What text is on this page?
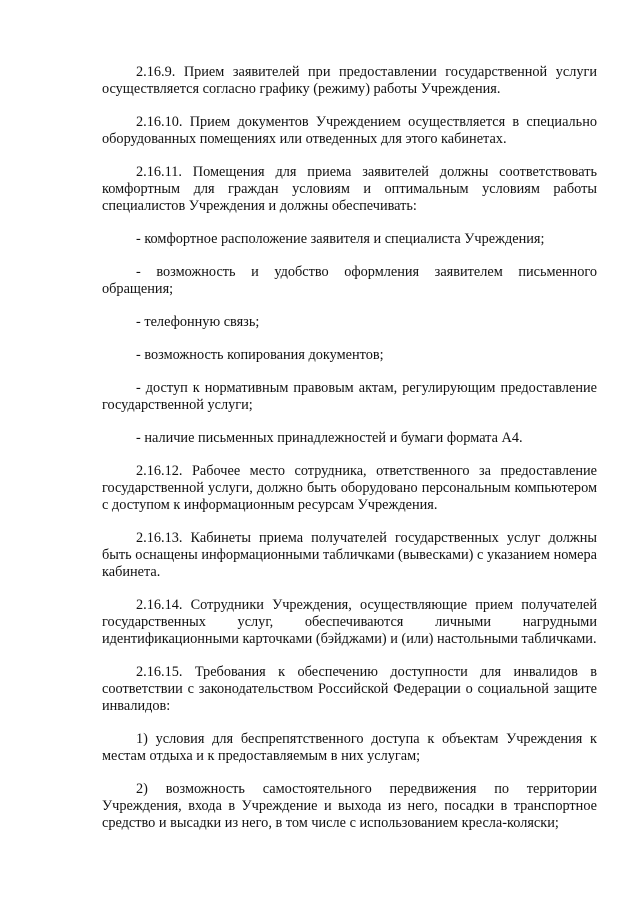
2.16.9. Прием заявителей при предоставлении государственной услуги осуществляется согласно графику (режиму) работы Учреждения.

2.16.10. Прием документов Учреждением осуществляется в специально оборудованных помещениях или отведенных для этого кабинетах.

2.16.11. Помещения для приема заявителей должны соответствовать комфортным для граждан условиям и оптимальным условиям работы специалистов Учреждения и должны обеспечивать:

- комфортное расположение заявителя и специалиста Учреждения;

- возможность и удобство оформления заявителем письменного обращения;

- телефонную связь;

- возможность копирования документов;

- доступ к нормативным правовым актам, регулирующим предоставление государственной услуги;

- наличие письменных принадлежностей и бумаги формата А4.

2.16.12. Рабочее место сотрудника, ответственного за предоставление государственной услуги, должно быть оборудовано персональным компьютером с доступом к информационным ресурсам Учреждения.

2.16.13. Кабинеты приема получателей государственных услуг должны быть оснащены информационными табличками (вывесками) с указанием номера кабинета.

2.16.14. Сотрудники Учреждения, осуществляющие прием получателей государственных услуг, обеспечиваются личными нагрудными идентификационными карточками (бэйджами) и (или) настольными табличками.

2.16.15. Требования к обеспечению доступности для инвалидов в соответствии с законодательством Российской Федерации о социальной защите инвалидов:

1) условия для беспрепятственного доступа к объектам Учреждения к местам отдыха и к предоставляемым в них услугам;

2) возможность самостоятельного передвижения по территории Учреждения, входа в Учреждение и выхода из него, посадки в транспортное средство и высадки из него, в том числе с использованием кресла-коляски;
